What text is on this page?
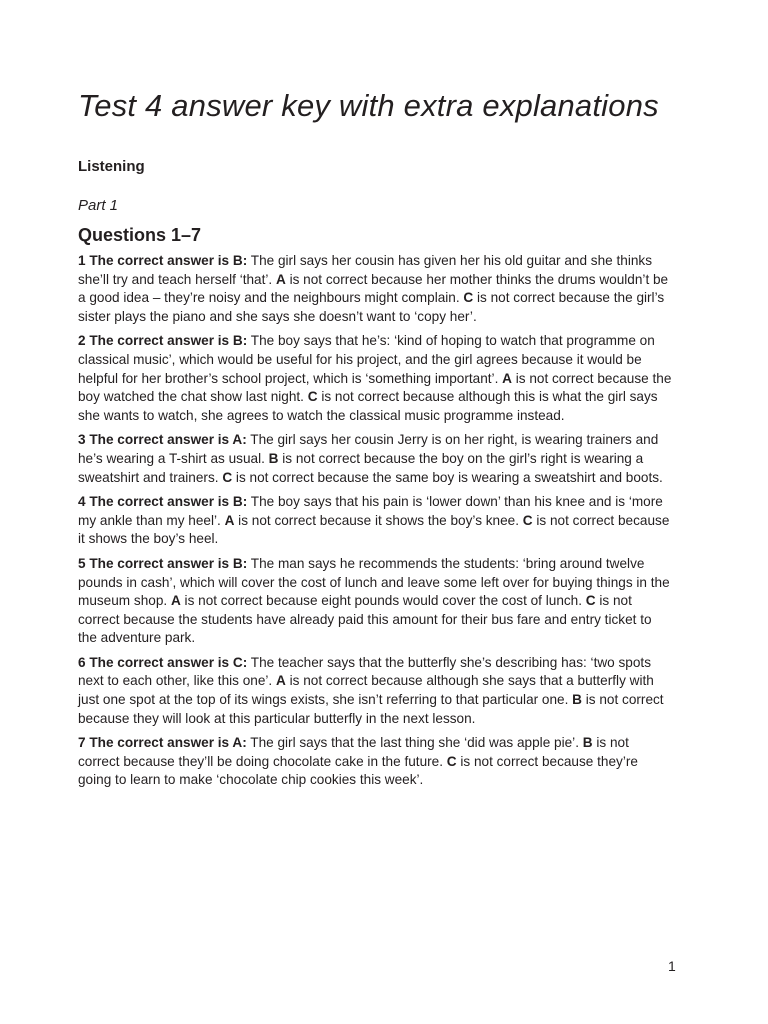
Test 4 answer key with extra explanations
Listening

Part 1

Questions 1–7

1 The correct answer is B: The girl says her cousin has given her his old guitar and she thinks she’ll try and teach herself ‘that’. A is not correct because her mother thinks the drums wouldn’t be a good idea – they’re noisy and the neighbours might complain. C is not correct because the girl’s sister plays the piano and she says she doesn’t want to ‘copy her’.

2 The correct answer is B: The boy says that he’s: ‘kind of hoping to watch that programme on classical music’, which would be useful for his project, and the girl agrees because it would be helpful for her brother’s school project, which is ‘something important’. A is not correct because the boy watched the chat show last night. C is not correct because although this is what the girl says she wants to watch, she agrees to watch the classical music programme instead.

3 The correct answer is A: The girl says her cousin Jerry is on her right, is wearing trainers and he’s wearing a T-shirt as usual. B is not correct because the boy on the girl’s right is wearing a sweatshirt and trainers. C is not correct because the same boy is wearing a sweatshirt and boots.

4 The correct answer is B: The boy says that his pain is ‘lower down’ than his knee and is ‘more my ankle than my heel’. A is not correct because it shows the boy’s knee. C is not correct because it shows the boy’s heel.

5 The correct answer is B: The man says he recommends the students: ‘bring around twelve pounds in cash’, which will cover the cost of lunch and leave some left over for buying things in the museum shop. A is not correct because eight pounds would cover the cost of lunch. C is not correct because the students have already paid this amount for their bus fare and entry ticket to the adventure park.

6 The correct answer is C: The teacher says that the butterfly she’s describing has: ‘two spots next to each other, like this one’. A is not correct because although she says that a butterfly with just one spot at the top of its wings exists, she isn’t referring to that particular one. B is not correct because they will look at this particular butterfly in the next lesson.

7 The correct answer is A: The girl says that the last thing she ‘did was apple pie’. B is not correct because they’ll be doing chocolate cake in the future. C is not correct because they’re going to learn to make ‘chocolate chip cookies this week’.

1
